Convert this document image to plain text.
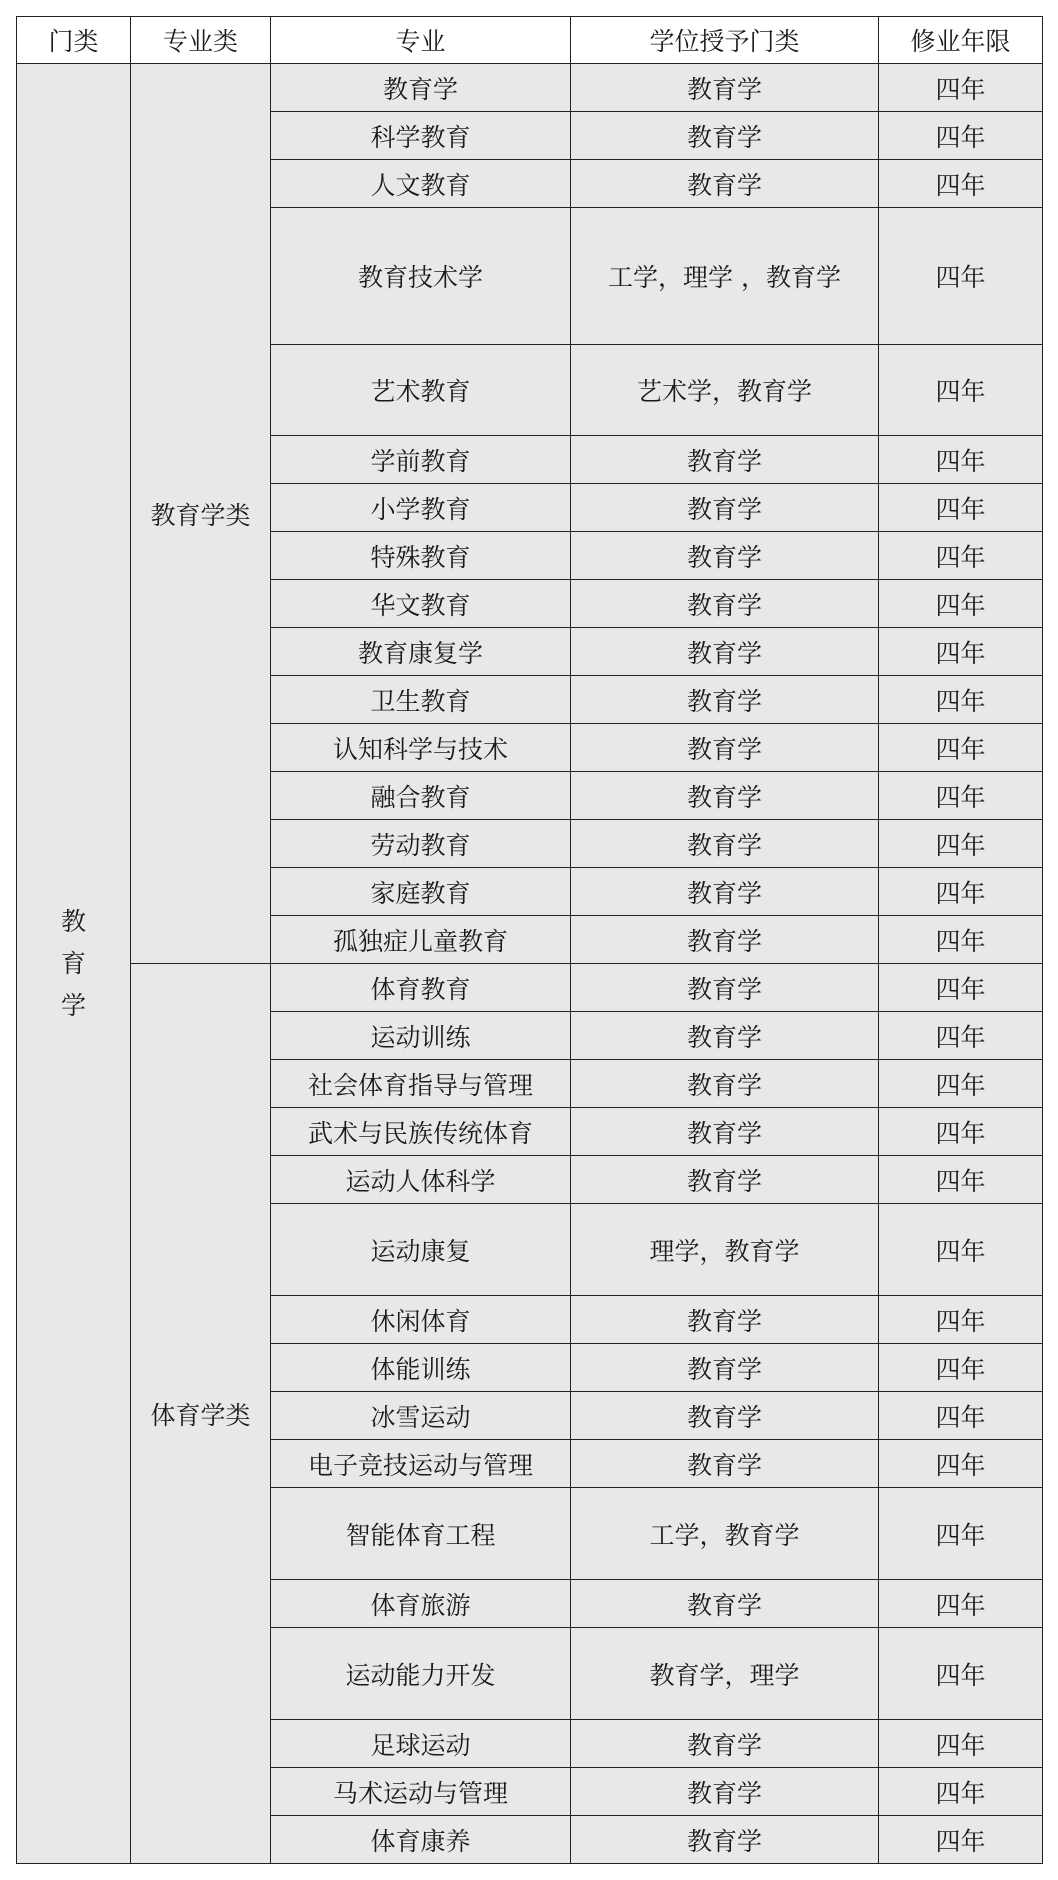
门类	专业类	专业	学位授予门类	修业年限

教
育
学	教育学类	教育学	教育学	四年
		科学教育	教育学	四年
		人文教育	教育学	四年
		教育技术学	工学，理学 ，教育学	四年
		艺术教育	艺术学，教育学	四年
		学前教育	教育学	四年
		小学教育	教育学	四年
		特殊教育	教育学	四年
		华文教育	教育学	四年
		教育康复学	教育学	四年
		卫生教育	教育学	四年
		认知科学与技术	教育学	四年
		融合教育	教育学	四年
		劳动教育	教育学	四年
		家庭教育	教育学	四年
		孤独症儿童教育	教育学	四年
	体育学类	体育教育	教育学	四年
		运动训练	教育学	四年
		社会体育指导与管理	教育学	四年
		武术与民族传统体育	教育学	四年
		运动人体科学	教育学	四年
		运动康复	理学，教育学	四年
		休闲体育	教育学	四年
		体能训练	教育学	四年
		冰雪运动	教育学	四年
		电子竞技运动与管理	教育学	四年
		智能体育工程	工学，教育学	四年
		体育旅游	教育学	四年
		运动能力开发	教育学，理学	四年
		足球运动	教育学	四年
		马术运动与管理	教育学	四年
		体育康养	教育学	四年
